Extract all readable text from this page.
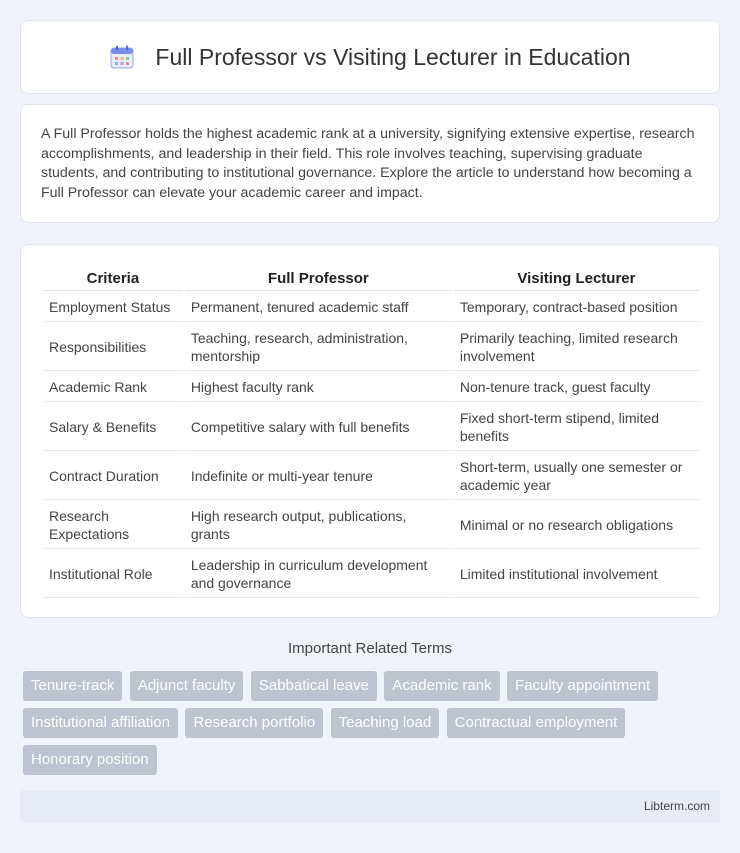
Full Professor vs Visiting Lecturer in Education

A Full Professor holds the highest academic rank at a university, signifying extensive expertise, research accomplishments, and leadership in their field. This role involves teaching, supervising graduate students, and contributing to institutional governance. Explore the article to understand how becoming a Full Professor can elevate your academic career and impact.

Criteria	Full Professor	Visiting Lecturer
Employment Status	Permanent, tenured academic staff	Temporary, contract-based position
Responsibilities	Teaching, research, administration, mentorship	Primarily teaching, limited research involvement
Academic Rank	Highest faculty rank	Non-tenure track, guest faculty
Salary & Benefits	Competitive salary with full benefits	Fixed short-term stipend, limited benefits
Contract Duration	Indefinite or multi-year tenure	Short-term, usually one semester or academic year
Research Expectations	High research output, publications, grants	Minimal or no research obligations
Institutional Role	Leadership in curriculum development and governance	Limited institutional involvement
Important Related Terms
Tenure-track Adjunct faculty Sabbatical leave Academic rank Faculty appointment Institutional affiliation Research portfolio Teaching load Contractual employment Honorary position
Libterm.com
